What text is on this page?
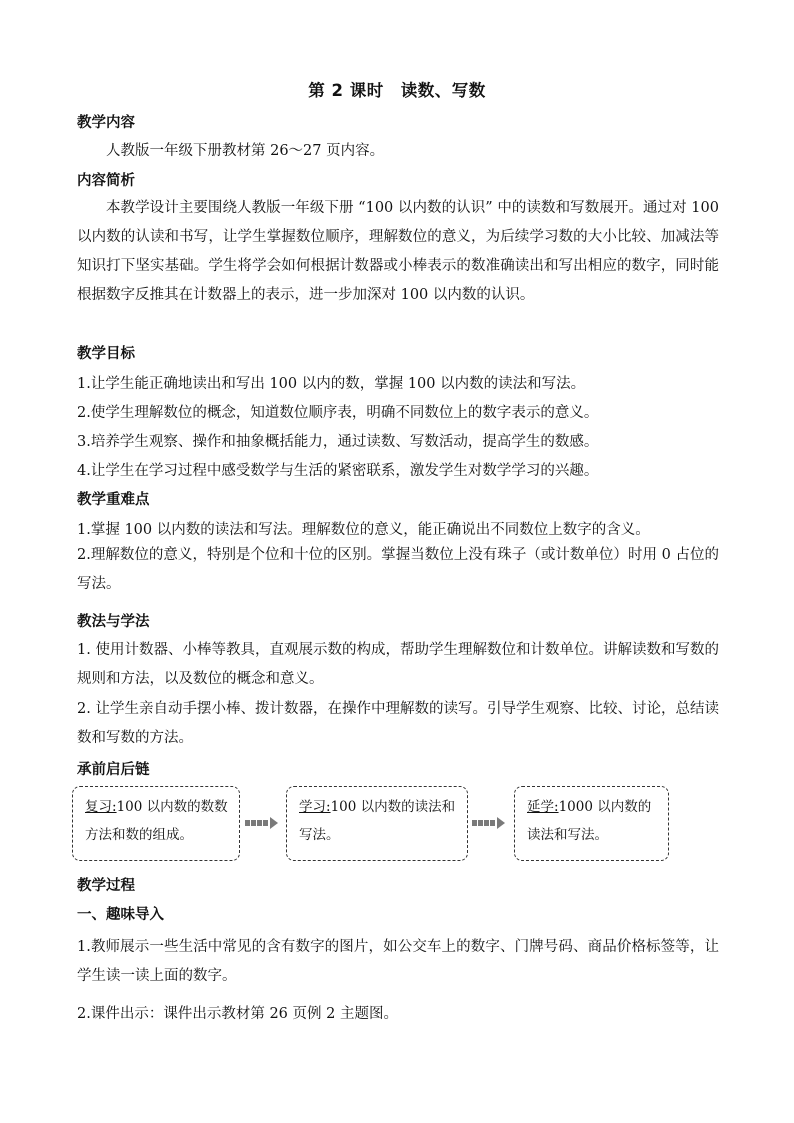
第 2 课时　读数、写数
教学内容
人教版一年级下册教材第 26～27 页内容。
内容简析
本教学设计主要围绕人教版一年级下册 “100 以内数的认识” 中的读数和写数展开。通过对 100 以内数的认读和书写，让学生掌握数位顺序，理解数位的意义，为后续学习数的大小比较、加减法等知识打下坚实基础。学生将学会如何根据计数器或小棒表示的数准确读出和写出相应的数字，同时能根据数字反推其在计数器上的表示，进一步加深对 100 以内数的认识。
教学目标
1.让学生能正确地读出和写出 100 以内的数，掌握 100 以内数的读法和写法。
2.使学生理解数位的概念，知道数位顺序表，明确不同数位上的数字表示的意义。
3.培养学生观察、操作和抽象概括能力，通过读数、写数活动，提高学生的数感。
4.让学生在学习过程中感受数学与生活的紧密联系，激发学生对数学学习的兴趣。
教学重难点
1.掌握 100 以内数的读法和写法。理解数位的意义，能正确说出不同数位上数字的含义。
2.理解数位的意义，特别是个位和十位的区别。掌握当数位上没有珠子（或计数单位）时用 0 占位的写法。
教法与学法
1. 使用计数器、小棒等教具，直观展示数的构成，帮助学生理解数位和计数单位。讲解读数和写数的规则和方法，以及数位的概念和意义。
2. 让学生亲自动手摆小棒、拨计数器，在操作中理解数的读写。引导学生观察、比较、讨论，总结读数和写数的方法。
承前启后链
复习:100 以内数的数数方法和数的组成。
学习:100 以内数的读法和写法。
延学:1000 以内数的读法和写法。
教学过程
一、趣味导入
1.教师展示一些生活中常见的含有数字的图片，如公交车上的数字、门牌号码、商品价格标签等，让学生读一读上面的数字。
2.课件出示：课件出示教材第 26 页例 2 主题图。
